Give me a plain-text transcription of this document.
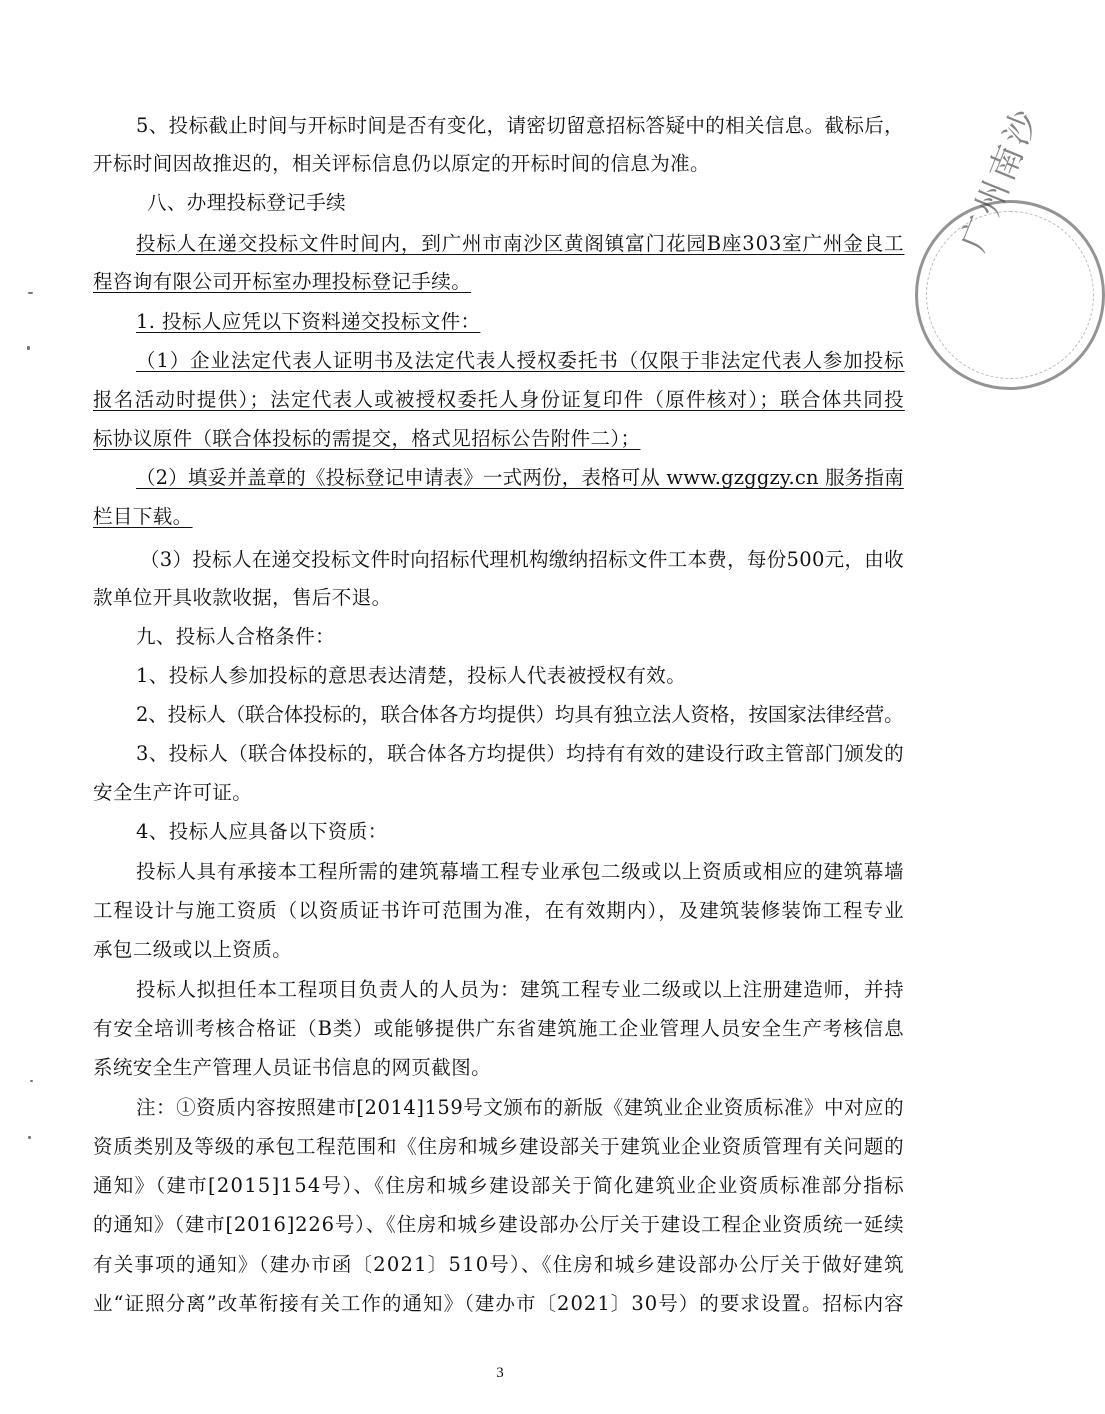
5、投标截止时间与开标时间是否有变化，请密切留意招标答疑中的相关信息。截标后，
开标时间因故推迟的，相关评标信息仍以原定的开标时间的信息为准。
八、办理投标登记手续
投标人在递交投标文件时间内，到广州市南沙区黄阁镇富门花园B座303室广州金良工
程咨询有限公司开标室办理投标登记手续。
1. 投标人应凭以下资料递交投标文件：
（1）企业法定代表人证明书及法定代表人授权委托书（仅限于非法定代表人参加投标
报名活动时提供）；法定代表人或被授权委托人身份证复印件（原件核对）；联合体共同投
标协议原件（联合体投标的需提交，格式见招标公告附件二）；
（2）填妥并盖章的《投标登记申请表》一式两份，表格可从 www.gzggzy.cn 服务指南
栏目下载。
（3）投标人在递交投标文件时向招标代理机构缴纳招标文件工本费，每份500元，由收
款单位开具收款收据，售后不退。
九、投标人合格条件：
1、投标人参加投标的意思表达清楚，投标人代表被授权有效。
2、投标人（联合体投标的，联合体各方均提供）均具有独立法人资格，按国家法律经营。
3、投标人（联合体投标的，联合体各方均提供）均持有有效的建设行政主管部门颁发的
安全生产许可证。
4、投标人应具备以下资质：
投标人具有承接本工程所需的建筑幕墙工程专业承包二级或以上资质或相应的建筑幕墙
工程设计与施工资质（以资质证书许可范围为准，在有效期内），及建筑装修装饰工程专业
承包二级或以上资质。
投标人拟担任本工程项目负责人的人员为：建筑工程专业二级或以上注册建造师，并持
有安全培训考核合格证（B类）或能够提供广东省建筑施工企业管理人员安全生产考核信息
系统安全生产管理人员证书信息的网页截图。
注：①资质内容按照建市[2014]159号文颁布的新版《建筑业企业资质标准》中对应的
资质类别及等级的承包工程范围和《住房和城乡建设部关于建筑业企业资质管理有关问题的
通知》（建市[2015]154号）、《住房和城乡建设部关于简化建筑业企业资质标准部分指标
的通知》（建市[2016]226号）、《住房和城乡建设部办公厅关于建设工程企业资质统一延续
有关事项的通知》（建办市函〔2021〕510号）、《住房和城乡建设部办公厅关于做好建筑
业“证照分离”改革衔接有关工作的通知》（建办市〔2021〕30号）的要求设置。招标内容
广州南沙
3
